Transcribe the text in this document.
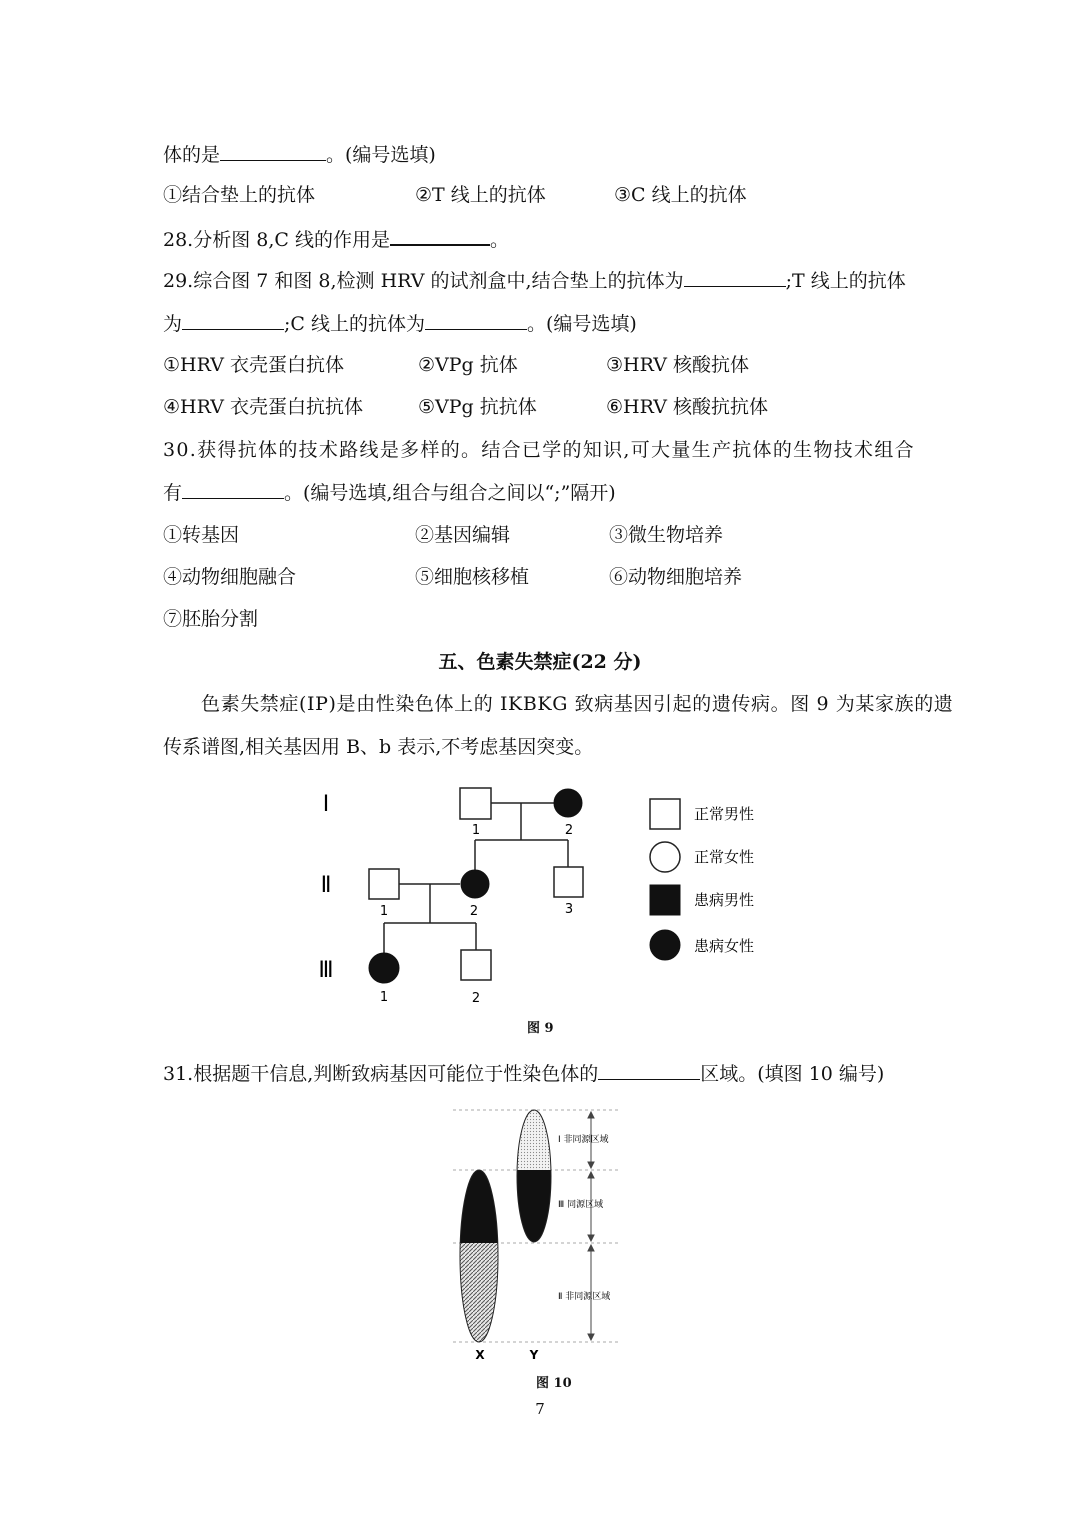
体的是	。(编号选填)
①结合垫上的抗体	②T 线上的抗体	③C 线上的抗体
28.分析图 8,C 线的作用是	。
29.综合图 7 和图 8,检测 HRV 的试剂盒中,结合垫上的抗体为	;T 线上的抗体
为	;C 线上的抗体为	。(编号选填)
①HRV 衣壳蛋白抗体	②VPg 抗体	③HRV 核酸抗体
④HRV 衣壳蛋白抗抗体	⑤VPg 抗抗体	⑥HRV 核酸抗抗体
30.获得抗体的技术路线是多样的。结合已学的知识,可大量生产抗体的生物技术组合
有	。(编号选填,组合与组合之间以“;”隔开)
①转基因	②基因编辑	③微生物培养
④动物细胞融合	⑤细胞核移植	⑥动物细胞培养
⑦胚胎分割
五、色素失禁症(22 分)
色素失禁症(IP)是由性染色体上的 IKBKG 致病基因引起的遗传病。图 9 为某家族的遗
传系谱图,相关基因用 B、b 表示,不考虑基因突变。
Ⅰ
Ⅱ
Ⅲ
1	2
1	2	3
1	2
正常男性
正常女性
患病男性
患病女性
图 9
31.根据题干信息,判断致病基因可能位于性染色体的	区域。(填图 10 编号)
Ⅰ 非同源区域
Ⅲ 同源区域
Ⅱ 非同源区域
X	Y
图 10
7
